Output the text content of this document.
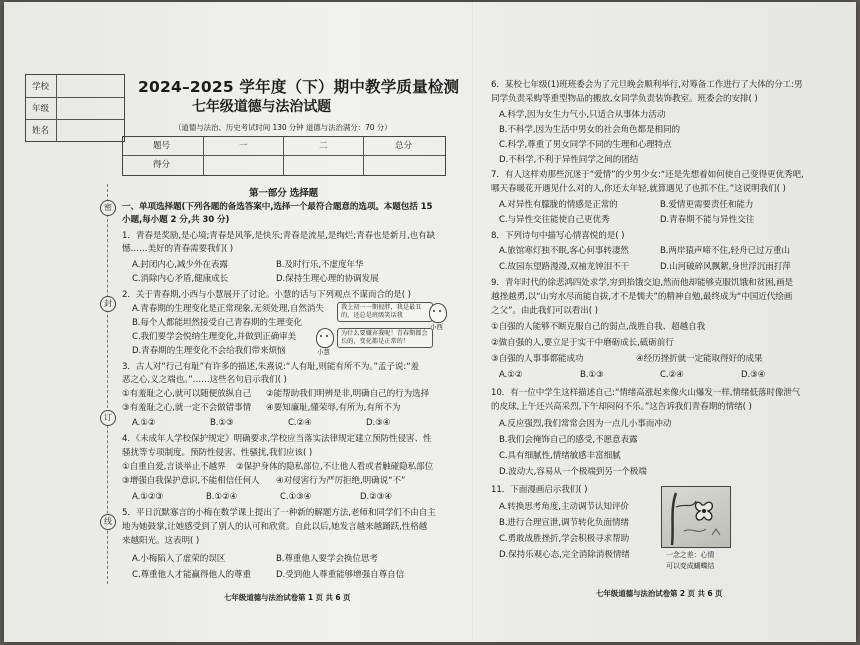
2024–2025 学年度（下）期中教学质量检测
七年级道德与法治试题
（道德与法治、历史考试时间 130 分钟 道德与法治满分：70 分）
学校
年级
姓名
题号	一	二	总分
得分
密
封
订
线
第一部分 选择题
一、单项选择题(下列各题的备选答案中,选择一个最符合题意的选项。本题包括 15
小题,每小题 2 分,共 30 分)
1．青春是奖励,是心境;青春是风筝,是快乐;青春是流星,是绚烂;青春也是新月,也有缺
憾……美好的青春需要我们( )
A.封闭内心,减少外在表露	B.及时行乐,不虚度年华
C.消除内心矛盾,健康成长	D.保持生理心理的协调发展
2．关于青春期,小西与小慧展开了讨论。小慧的话与下列观点不谋而合的是( )
A.青春期的生理变化是正常现象,无须处理,自然消失
B.每个人都能坦然接受自己青春期的生理变化
C.我们要学会悦纳生理变化,并做到正确审美
D.青春期的生理变化不会给我们带来烦恼
我上初一一期很胖，我是最丑的，还总是班级笑话我
为什么要嫌弃我呢！青春期都会长的，变化都是正常的！
小西
小慧
3．古人对“行己有耻”有许多的描述,朱熹说:“人有耻,则能有所不为。”孟子说:“羞
恶之心,义之端也。”……这些名句启示我们( )
①有羞耻之心,就可以随便放纵自己 ②能帮助我们明辨是非,明确自己的行为选择
③有羞耻之心,就一定不会做错事情 ④要知廉耻,懂荣辱,有所为,有所不为
A.①②	B.①③	C.②④	D.③④
4．《未成年人学校保护规定》明确要求,学校应当落实法律规定建立预防性侵害、性
骚扰等专项制度。预防性侵害、性骚扰,我们应该( )
①自重自爱,言谈举止不越界 ②保护身体的隐私部位,不让他人看或者触碰隐私部位
③增强自我保护意识,不能相信任何人 ④对侵害行为严厉拒绝,明确说“不”
A.①②③	B.①②④	C.①③④	D.②③④
5．平日沉默寡言的小梅在数学课上提出了一种新的解题方法,老师和同学们不由自主
地为她鼓掌,让她感受到了别人的认可和欣赏。自此以后,她发言越来越踊跃,性格越
来越阳光。这表明( )
A.小梅陷入了虚荣的误区	B.尊重他人要学会换位思考
C.尊重他人才能赢得他人的尊重	D.受到他人尊重能够增强自尊自信
七年级道德与法治试卷第 1 页 共 6 页
6．某校七年级(1)班班委会为了元旦晚会顺利举行,对筹备工作进行了大体的分工:男
同学负责采购等重型物品的搬放,女同学负责装饰教室。班委会的安排( )
A.科学,因为女生力气小,只适合从事体力活动
B.不科学,因为生活中男女的社会角色都是相同的
C.科学,尊重了男女同学不同的生理和心理特点
D.不科学,不利于异性同学之间的团结
7．有人这样劝那些沉迷于“爱情”的少男少女:“还是先想着如何使自己变得更优秀吧,
哪天春暖花开遇见什么对的人,你还太年轻,就算遇见了也抓不住。”这说明我们( )
A.对异性有朦胧的情感是正常的	B.爱情更需要责任和能力
C.与异性交往能使自己更优秀	D.青春期不能与异性交往
8．下列诗句中描写心情喜悦的是( )
A.旅馆寒灯独不眠,客心何事转凄然	B.两岸猿声啼不住,轻舟已过万重山
C.故园东望路漫漫,双袖龙钟泪不干	D.山河破碎风飘絮,身世浮沉雨打萍
9．青年时代的徐悲鸿四处求学,穷到掐饿交迫,然而他却能够克服饥饿和贫困,画是
越挫越勇,以“山穷水尽而能自拔,才不是懦夫”的精神自勉,最终成为“中国近代绘画
之父”。由此我们可以看出( )
①自强的人能够不断克服自己的弱点,战胜自我、超越自我
②做自强的人,要立足于实干中磨砺成长,砥砺前行
③自强的人事事都能成功	④经历挫折就一定能取得好的成果
A.①②	B.①③	C.②④	D.③④
10．有一位中学生这样描述自己:“情绪高涨起来像火山爆发一样,情绪低落时像泄气
的皮球,上午还兴高采烈,下午却闷闷不乐。”这告诉我们青春期的情绪( )
A.反应强烈,我们常常会因为一点儿小事而冲动
B.我们会掩饰自己的感受,不愿意表露
C.具有细腻性,情绪敏感丰富细腻
D.波动大,容易从一个极端到另一个极端
11．下面漫画启示我们( )
A.转换思考角度,主动调节认知评价
B.进行合理宣泄,调节转化负面情绪
C.勇敢战胜挫折,学会积极寻求帮助
D.保持乐观心态,完全消除消极情绪	一念之差：心情
可以变成蝴蝶结
七年级道德与法治试卷第 2 页 共 6 页
